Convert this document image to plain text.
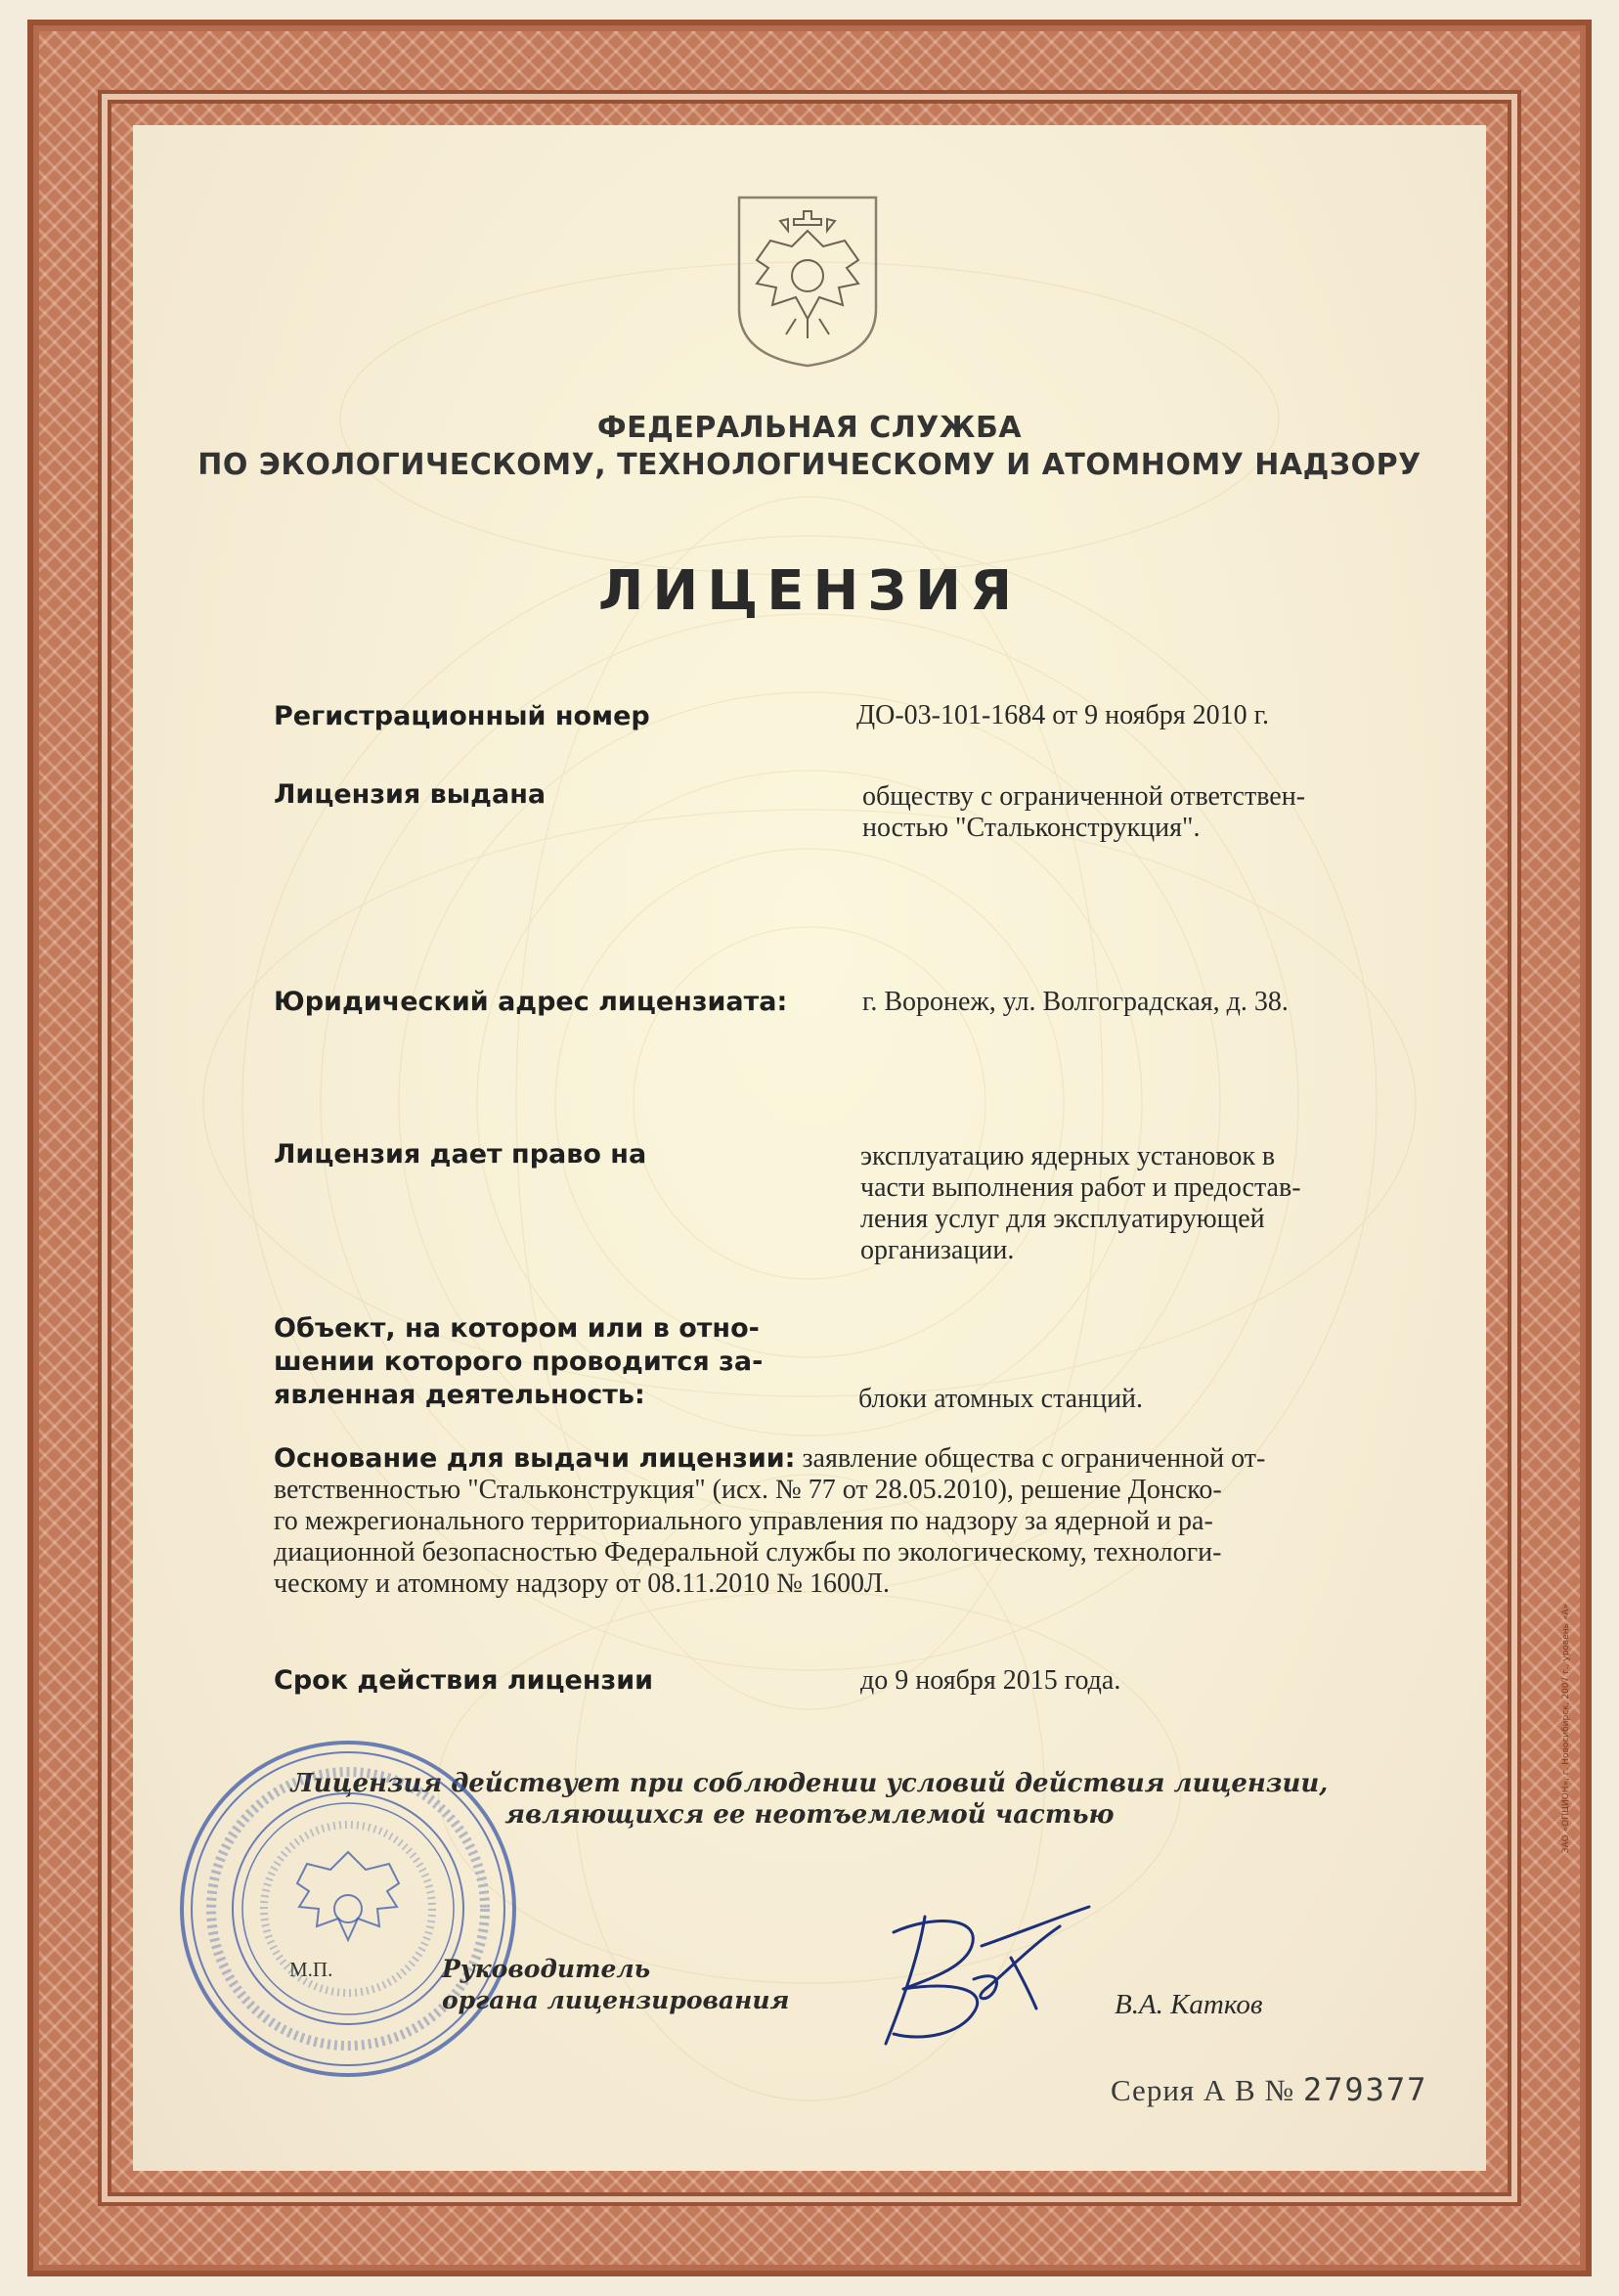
ФЕДЕРАЛЬНАЯ СЛУЖБА
ПО ЭКОЛОГИЧЕСКОМУ, ТЕХНОЛОГИЧЕСКОМУ И АТОМНОМУ НАДЗОРУ
ЛИЦЕНЗИЯ
Регистрационный номер	ДО-03-101-1684 от 9 ноября 2010 г.
Лицензия выдана	обществу с ограниченной ответствен-
ностью "Стальконструкция".
Юридический адрес лицензиата:	г. Воронеж, ул. Волгоградская, д. 38.
Лицензия дает право на	эксплуатацию ядерных установок в
части выполнения работ и предостав-
ления услуг для эксплуатирующей
организации.
Объект, на котором или в отно-
шении которого проводится за-
явленная деятельность:	блоки атомных станций.
Основание для выдачи лицензии: заявление общества с ограниченной от-
ветственностью "Стальконструкция" (исх. № 77 от 28.05.2010), решение Донско-
го межрегионального территориального управления по надзору за ядерной и ра-
диационной безопасностью Федеральной службы по экологическому, технологи-
ческому и атомному надзору от 08.11.2010 № 1600Л.
Срок действия лицензии	до 9 ноября 2015 года.
Лицензия действует при соблюдении условий действия лицензии,
являющихся ее неотъемлемой частью
М.П.	Руководитель
органа лицензирования	В.А. Катков
Серия А В № 279377
ЗАО «ОПЦИОН», г. Новосибирск, 2007 г., уровень «А»
